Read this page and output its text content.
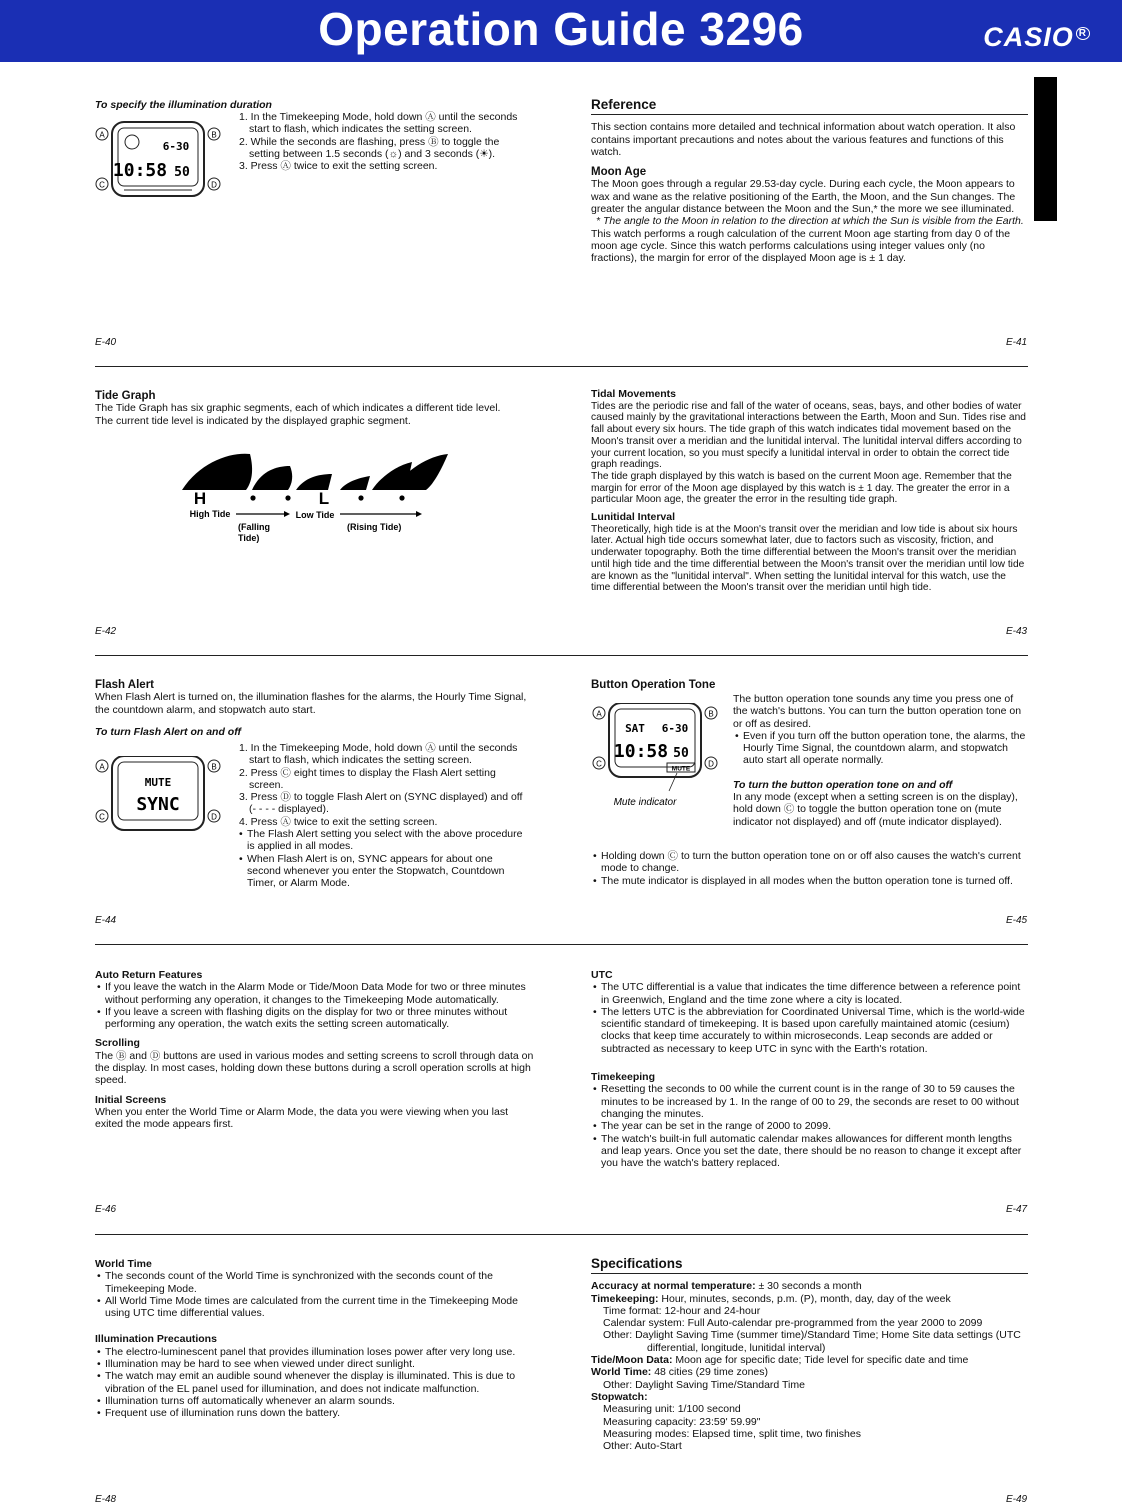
Operation Guide 3296	CASIO $^R$
To specify the illumination duration
A	B
C	D
6-30
10:58 50
1. In the Timekeeping Mode, hold down Ⓐ until the seconds start to flash, which indicates the setting screen.
2. While the seconds are flashing, press Ⓑ to toggle the setting between 1.5 seconds (☼) and 3 seconds (☀).
3. Press Ⓐ twice to exit the setting screen.
E-40
Reference

This section contains more detailed and technical information about watch operation. It also contains important precautions and notes about the various features and functions of this watch.

Moon Age

The Moon goes through a regular 29.53-day cycle. During each cycle, the Moon appears to wax and wane as the relative positioning of the Earth, the Moon, and the Sun changes. The greater the angular distance between the Moon and the Sun,* the more we see illuminated.

* The angle to the Moon in relation to the direction at which the Sun is visible from the Earth.

This watch performs a rough calculation of the current Moon age starting from day 0 of the moon age cycle. Since this watch performs calculations using integer values only (no fractions), the margin for error of the displayed Moon age is ± 1 day.

E-41
Tide Graph

The Tide Graph has six graphic segments, each of which indicates a different tide level. The current tide level is indicated by the displayed graphic segment.

H	L
High Tide	Low Tide
(Falling
Tide)
(Rising Tide)
E-42
Tidal Movements

Tides are the periodic rise and fall of the water of oceans, seas, bays, and other bodies of water caused mainly by the gravitational interactions between the Earth, Moon and Sun. Tides rise and fall about every six hours. The tide graph of this watch indicates tidal movement based on the Moon's transit over a meridian and the lunitidal interval. The lunitidal interval differs according to your current location, so you must specify a lunitidal interval in order to obtain the correct tide graph readings.

The tide graph displayed by this watch is based on the current Moon age. Remember that the margin for error of the Moon age displayed by this watch is ± 1 day. The greater the error in a particular Moon age, the greater the error in the resulting tide graph.

Lunitidal Interval

Theoretically, high tide is at the Moon's transit over the meridian and low tide is about six hours later. Actual high tide occurs somewhat later, due to factors such as viscosity, friction, and underwater topography. Both the time differential between the Moon's transit over the meridian until high tide and the time differential between the Moon's transit over the meridian until low tide are known as the "lunitidal interval". When setting the lunitidal interval for this watch, use the time differential between the Moon's transit over the meridian until high tide.

E-43
Flash Alert

When Flash Alert is turned on, the illumination flashes for the alarms, the Hourly Time Signal, the countdown alarm, and stopwatch auto start.

To turn Flash Alert on and off
A	B
C	D
MUTE
SYNC
1. In the Timekeeping Mode, hold down Ⓐ until the seconds start to flash, which indicates the setting screen.
2. Press Ⓒ eight times to display the Flash Alert setting screen.
3. Press Ⓓ to toggle Flash Alert on (SYNC displayed) and off (- - - - displayed).
4. Press Ⓐ twice to exit the setting screen.
• The Flash Alert setting you select with the above procedure is applied in all modes.
• When Flash Alert is on, SYNC appears for about one second whenever you enter the Stopwatch, Countdown Timer, or Alarm Mode.
E-44
Button Operation Tone
A	B
C	D
SAT 6-30
10:58 50
MUTE
Mute indicator

The button operation tone sounds any time you press one of the watch's buttons. You can turn the button operation tone on or off as desired.

• Even if you turn off the button operation tone, the alarms, the Hourly Time Signal, the countdown alarm, and stopwatch auto start all operate normally.
To turn the button operation tone on and off

In any mode (except when a setting screen is on the display), hold down Ⓒ to toggle the button operation tone on (mute indicator not displayed) and off (mute indicator displayed).

• Holding down Ⓒ to turn the button operation tone on or off also causes the watch's current mode to change.
• The mute indicator is displayed in all modes when the button operation tone is turned off.
E-45
Auto Return Features
• If you leave the watch in the Alarm Mode or Tide/Moon Data Mode for two or three minutes without performing any operation, it changes to the Timekeeping Mode automatically.
• If you leave a screen with flashing digits on the display for two or three minutes without performing any operation, the watch exits the setting screen automatically.
Scrolling

The Ⓑ and Ⓓ buttons are used in various modes and setting screens to scroll through data on the display. In most cases, holding down these buttons during a scroll operation scrolls at high speed.

Initial Screens

When you enter the World Time or Alarm Mode, the data you were viewing when you last exited the mode appears first.

E-46
UTC
• The UTC differential is a value that indicates the time difference between a reference point in Greenwich, England and the time zone where a city is located.
• The letters UTC is the abbreviation for Coordinated Universal Time, which is the world-wide scientific standard of timekeeping. It is based upon carefully maintained atomic (cesium) clocks that keep time accurately to within microseconds. Leap seconds are added or subtracted as necessary to keep UTC in sync with the Earth's rotation.
Timekeeping
• Resetting the seconds to 00 while the current count is in the range of 30 to 59 causes the minutes to be increased by 1. In the range of 00 to 29, the seconds are reset to 00 without changing the minutes.
• The year can be set in the range of 2000 to 2099.
• The watch's built-in full automatic calendar makes allowances for different month lengths and leap years. Once you set the date, there should be no reason to change it except after you have the watch's battery replaced.
E-47
World Time
• The seconds count of the World Time is synchronized with the seconds count of the Timekeeping Mode.
• All World Time Mode times are calculated from the current time in the Timekeeping Mode using UTC time differential values.
Illumination Precautions
• The electro-luminescent panel that provides illumination loses power after very long use.
• Illumination may be hard to see when viewed under direct sunlight.
• The watch may emit an audible sound whenever the display is illuminated. This is due to vibration of the EL panel used for illumination, and does not indicate malfunction.
• Illumination turns off automatically whenever an alarm sounds.
• Frequent use of illumination runs down the battery.
E-48
Specifications

Accuracy at normal temperature: ± 30 seconds a month

Timekeeping: Hour, minutes, seconds, p.m. (P), month, day, day of the week

Time format: 12-hour and 24-hour

Calendar system: Full Auto-calendar pre-programmed from the year 2000 to 2099

Other: Daylight Saving Time (summer time)/Standard Time; Home Site data settings (UTC differential, longitude, lunitidal interval)

Tide/Moon Data: Moon age for specific date; Tide level for specific date and time

World Time: 48 cities (29 time zones)

Other: Daylight Saving Time/Standard Time

Stopwatch:

Measuring unit: 1/100 second

Measuring capacity: 23:59' 59.99"

Measuring modes: Elapsed time, split time, two finishes

Other: Auto-Start

E-49
